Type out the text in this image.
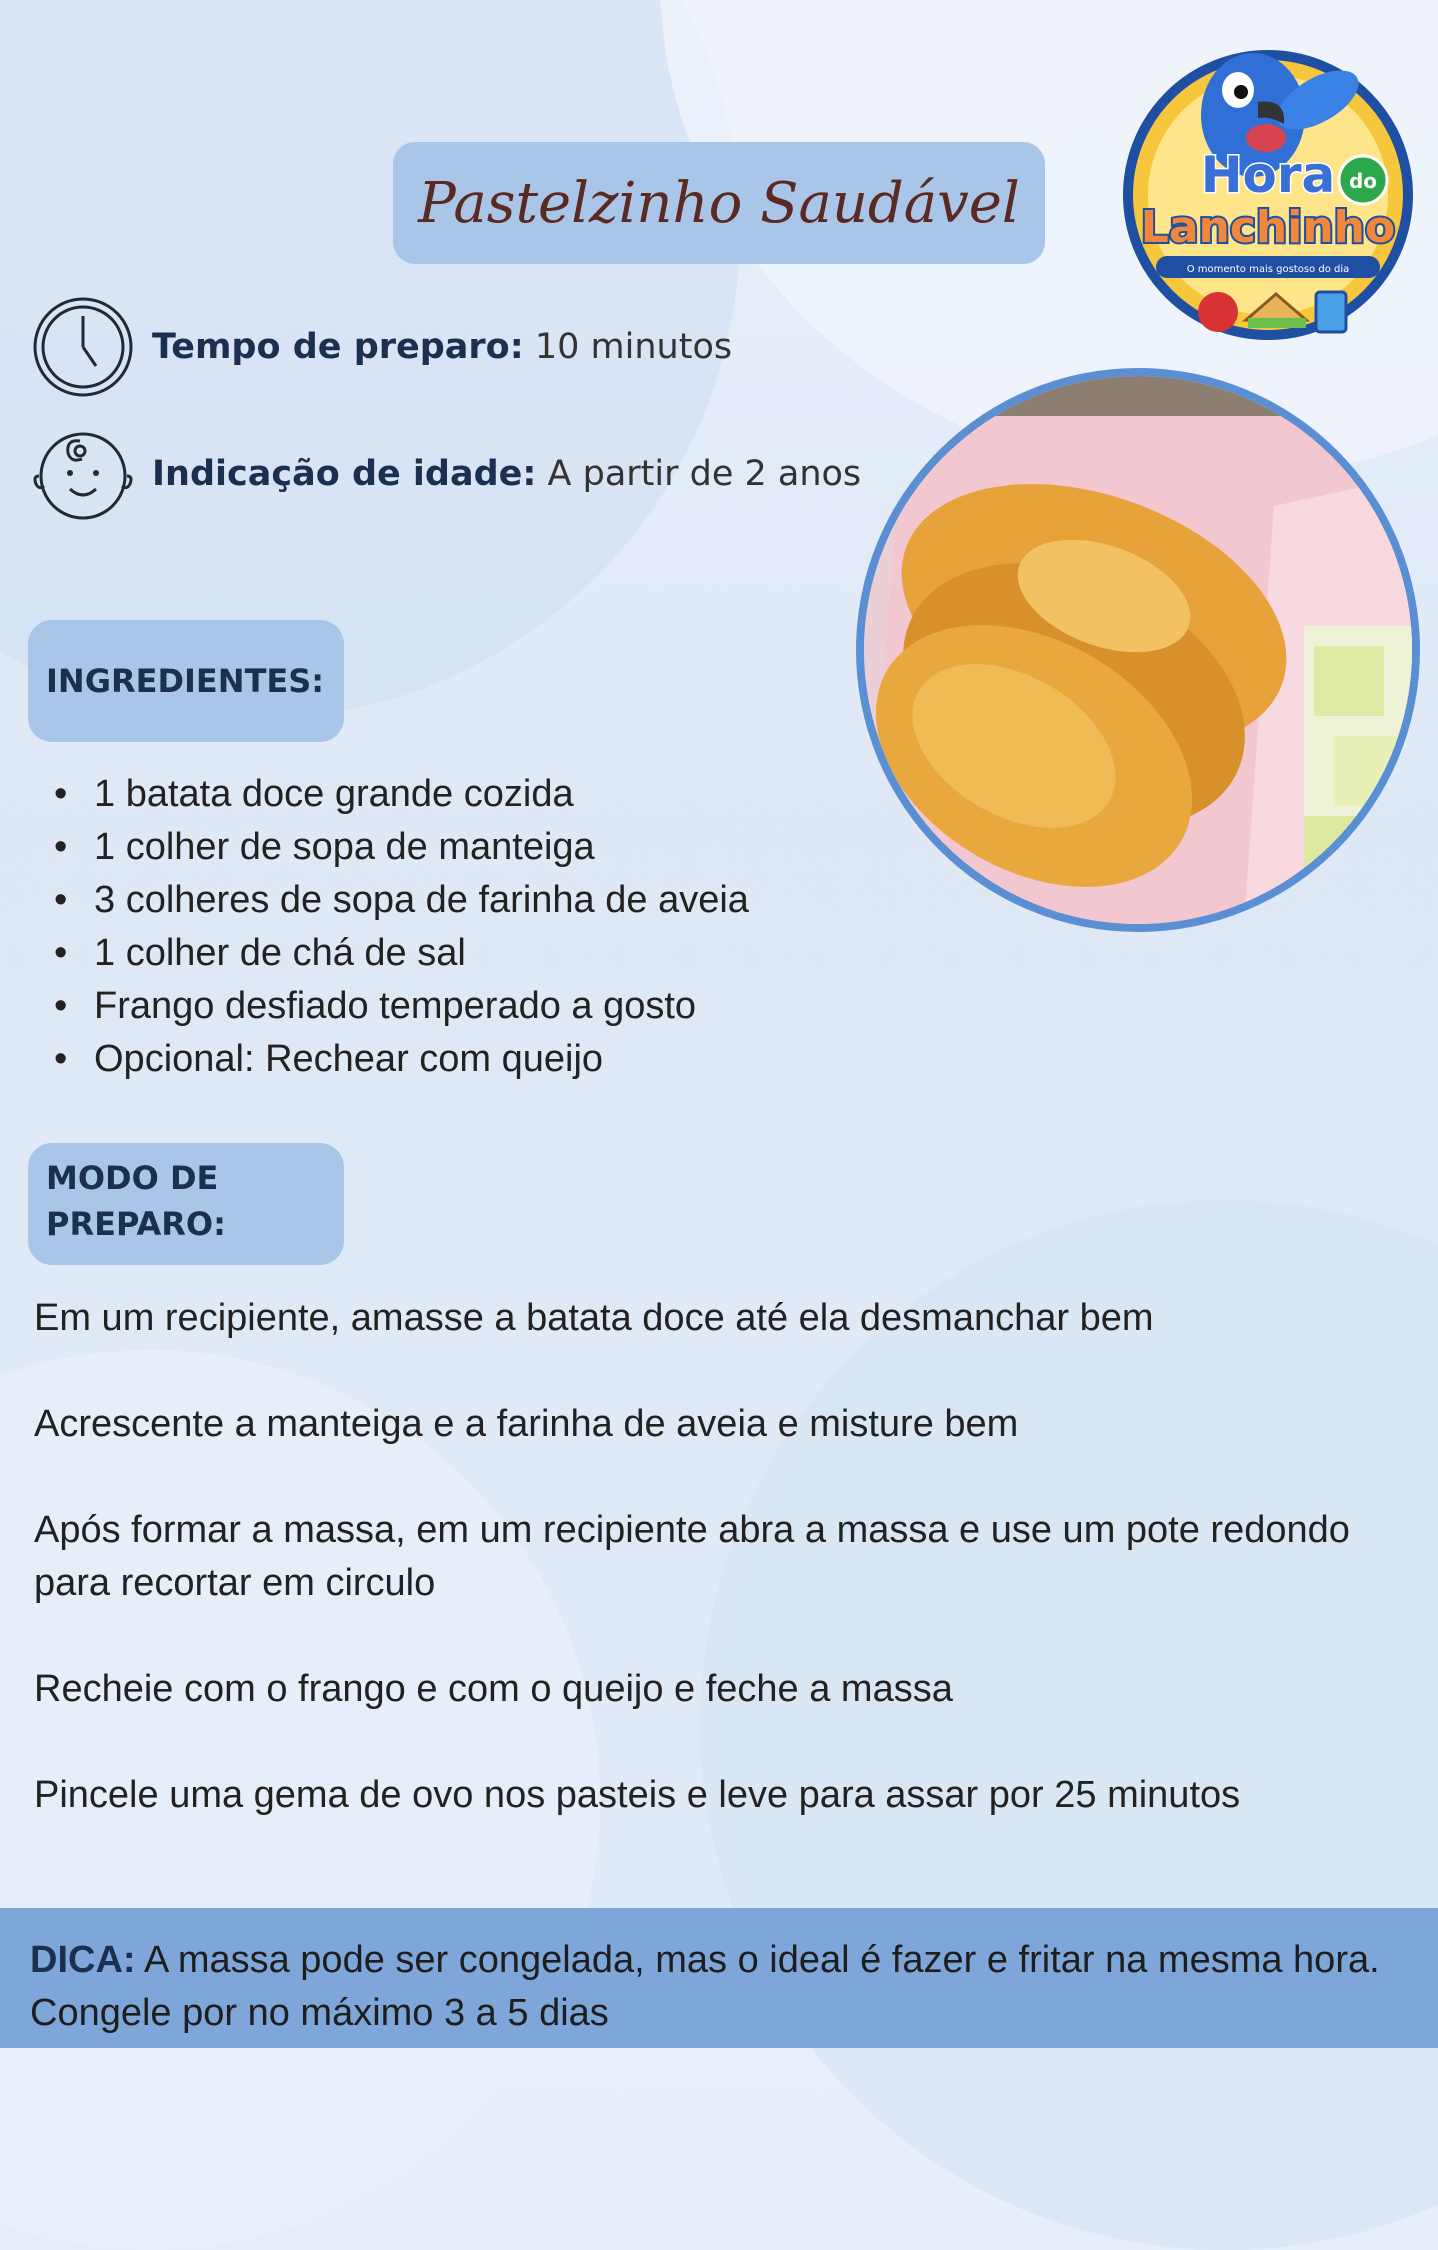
Pastelzinho Saudável	Hora do
Lanchinho
O momento mais gostoso do dia
Tempo de preparo: 10 minutos
Indicação de idade: A partir de 2 anos
INGREDIENTES:
• 1 batata doce grande cozida
• 1 colher de sopa de manteiga
• 3 colheres de sopa de farinha de aveia
• 1 colher de chá de sal
• Frango desfiado temperado a gosto
• Opcional: Rechear com queijo
MODO DE
PREPARO:

Em um recipiente, amasse a batata doce até ela desmanchar bem

Acrescente a manteiga e a farinha de aveia e misture bem

Após formar a massa, em um recipiente abra a massa e use um pote redondo para recortar em circulo

Recheie com o frango e com o queijo e feche a massa

Pincele uma gema de ovo nos pasteis e leve para assar por 25 minutos

DICA: A massa pode ser congelada, mas o ideal é fazer e fritar na mesma hora. Congele por no máximo 3 a 5 dias
